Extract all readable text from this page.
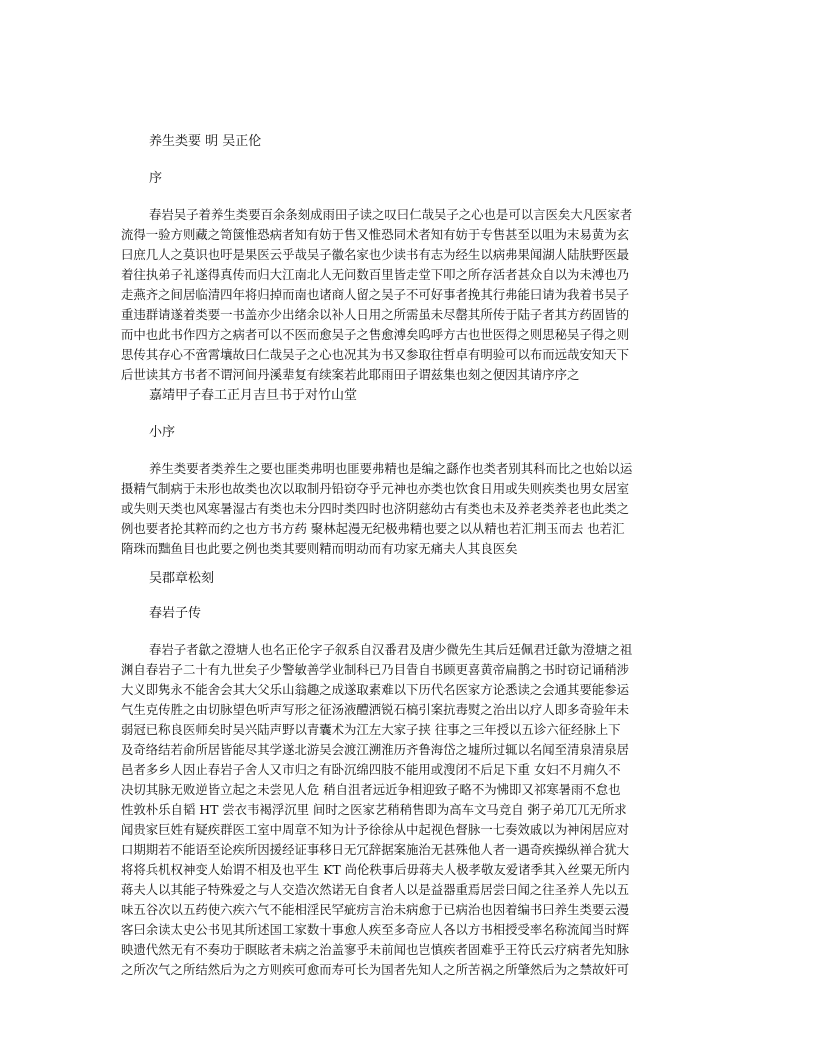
养生类要 明 吴正伦
序
春岩吴子着养生类要百余条刻成雨田子读之叹曰仁哉吴子之心也是可以言医矣大凡医家者
流得一验方则藏之笥箧惟恐病者知有妨于售又惟恐同术者知有妨于专售甚至以咀为末易黄为玄
曰庶几人之莫识也吁是果医云乎哉吴子徽名家也少读书有志为经生以病弗果闻湖人陆肤野医最
着往执弟子礼遂得真传而归大江南北人无问数百里皆走堂下叩之所存活者甚众自以为未溥也乃
走燕齐之间居临清四年将归掉而南也诸商人留之吴子不可好事者挽其行弗能曰请为我着书吴子
重违群请遂着类要一书盖亦少出绪余以补人日用之所需虽未尽罄其所传于陆子者其方药固皆的
而中也此书作四方之病者可以不医而愈吴子之售愈溥矣呜呼方古也世医得之则思秘吴子得之则
思传其存心不啻霄壤故曰仁哉吴子之心也况其为书又参取往哲卓有明验可以布而远哉安知天下
后世读其方书者不谓河间丹溪辈复有续案若此耶雨田子谓兹集也刻之便因其请序序之
嘉靖甲子春工正月吉旦书于对竹山堂
小序
养生类要者类养生之要也匪类弗明也匪要弗精也是编之繇作也类者别其科而比之也始以运
摄精气制病于未形也故类也次以取制丹铅窃夺乎元神也亦类也饮食日用或失则疾类也男女居室
或失则天类也风寒暑湿古有类也未分四时类四时也济阴慈幼古有类也未及养老类养老也此类之
例也要者抡其粹而约之也方书方药 聚林起漫无纪极弗精也要之以从精也若汇荆玉而去 也若汇
隋珠而黜鱼目也此要之例也类其要则精而明动而有功家无痛夫人其良医矣
吴郡章松刻
春岩子传
春岩子者歙之澄塘人也名正伦字子叙系自汉番君及唐少微先生其后廷佩君迁歙为澄塘之祖
渊自春岩子二十有九世矣子少警敏善学业制科已乃目眚自书顾更喜黄帝扁鹊之书时窃记诵稍涉
大义即隽永不能舍会其大父乐山翁趣之成遂取素难以下历代名医家方论悉读之会通其要能参运
气生克传胜之由切脉望色听声写形之征汤液醴洒锐石槁引案抗毒熨之治出以疗人即多奇验年未
弱冠已称良医师矣时吴兴陆声野以青囊术为江左大家子挟 往事之三年授以五诊六征经脉上下
及奇络结若俞所居皆能尽其学遂北游吴会渡江溯淮历齐鲁海岱之墟所过辄以名闻至清泉清泉居
邑者多乡人因止春岩子舍人又市归之有卧沉绵四肢不能用或溲闭不后足下重 女妇不月痈久不
决切其脉无败逆皆立起之未尝见人危 稍自沮者远近争相迎致子略不为怫即又祁寒暑雨不怠也
性敦朴乐自韬 HT 尝衣韦褐浮沉里 间时之医家艺稍稍售即为高车文马竞自 粥子弟兀兀无所求
闻贵家巨姓有疑疾群医工室中周章不知为计予徐徐从中起视色督脉一七奏效戚以为神闲居应对
口期期若不能语至论疾所因援经证事移日无冗辞据案施治无甚殊他人者一遇奇疾操纵禅合犹大
将将兵机权神变人始谓不相及也平生 KT 尚伦秩事后毋蒋夫人极孝敬友爱诸季其入丝粟无所内
蒋夫人以其能子特殊爱之与人交造次然诺无自食者人以是益器重焉居尝曰闻之往圣养人先以五
味五谷次以五药使六疾六气不能相淫民罕疵疠言治未病愈于已病治也因着编书曰养生类要云漫
客曰余读太史公书见其所述国工家数十事愈人疾至多奇应人各以方书相授受率名称流闻当时辉
映遗代然无有不奏功于瞑眩者未病之治盖寥乎未前闻也岂慎疾者固难乎王符氏云疗病者先知脉
之所次气之所结然后为之方则疾可愈而寿可长为国者先知人之所苦祸之所肇然后为之禁故奸可
